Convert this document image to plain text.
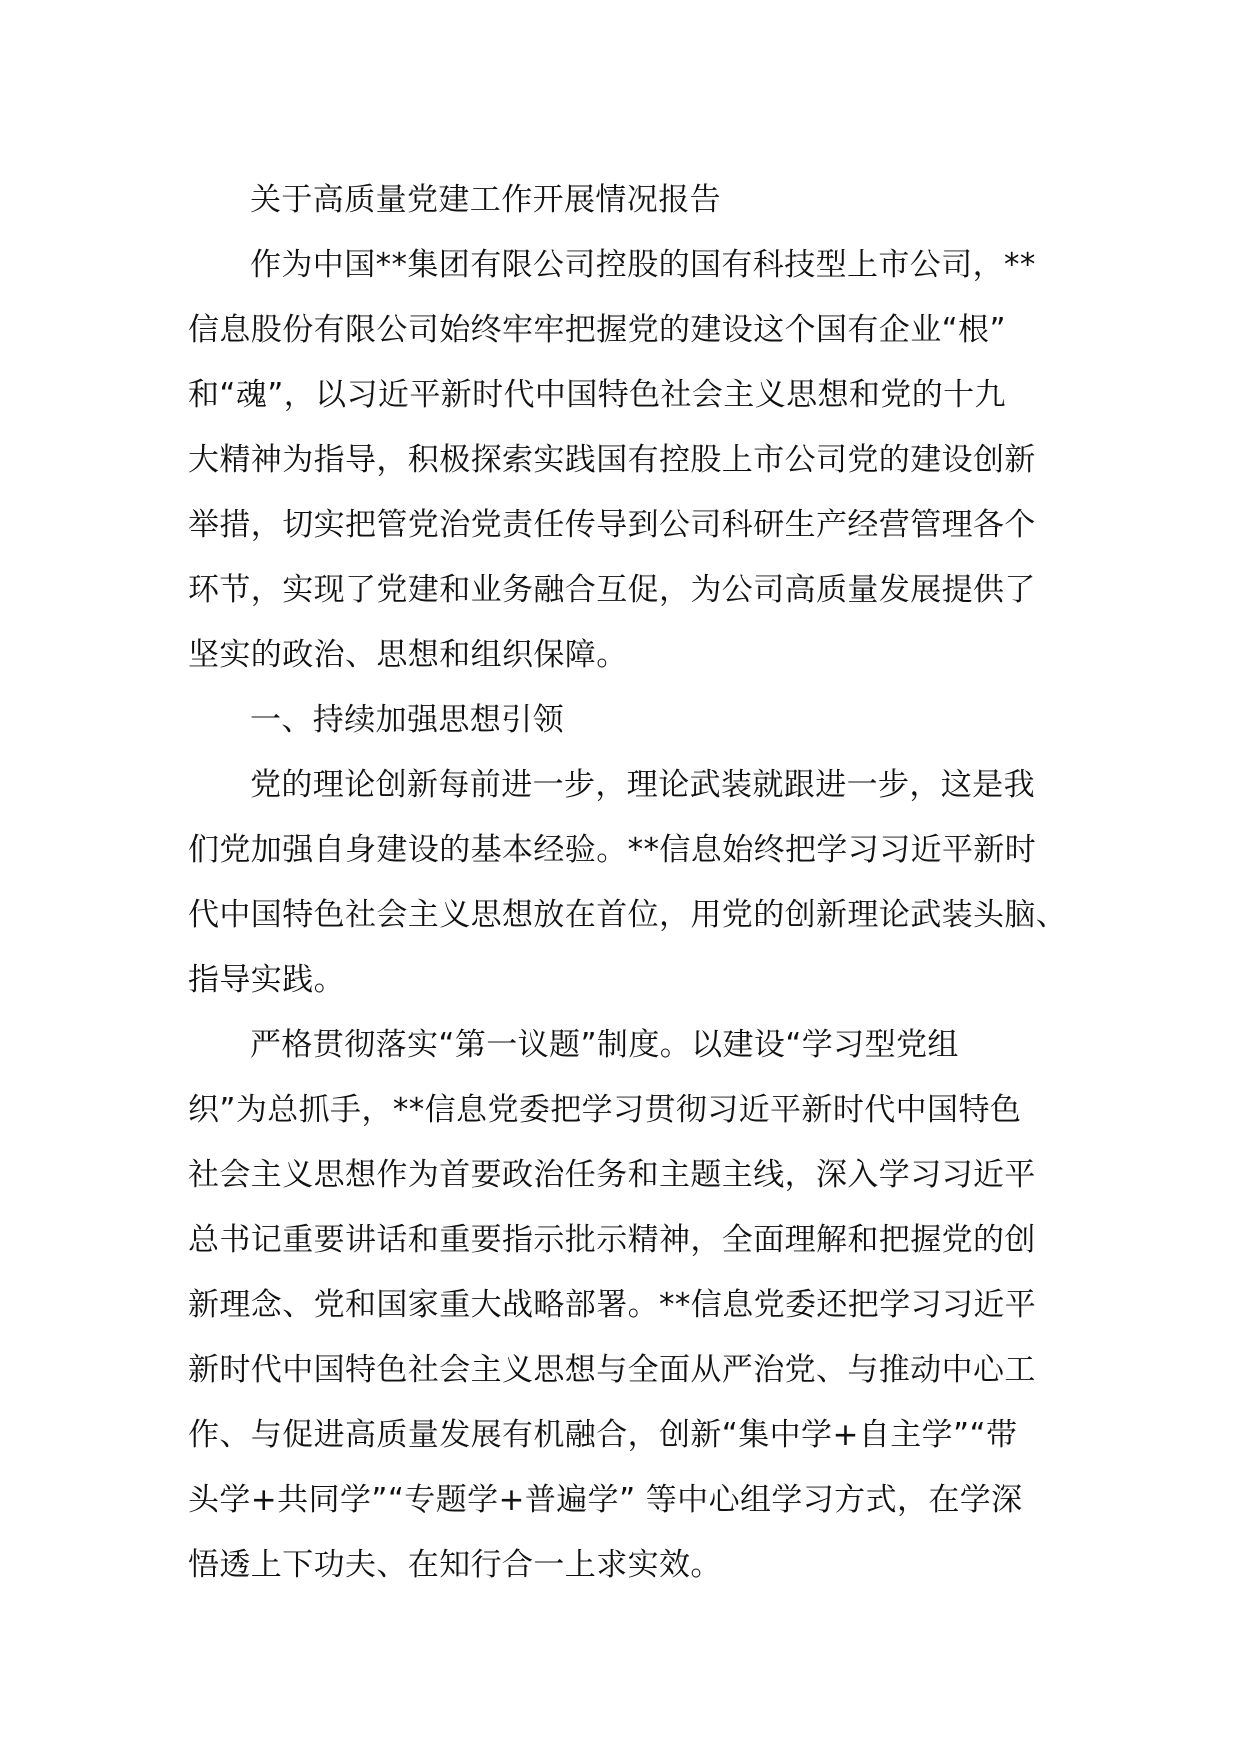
关于高质量党建工作开展情况报告
作为中国**集团有限公司控股的国有科技型上市公司，**
信息股份有限公司始终牢牢把握党的建设这个国有企业“根”
和“魂”，以习近平新时代中国特色社会主义思想和党的十九
大精神为指导，积极探索实践国有控股上市公司党的建设创新
举措，切实把管党治党责任传导到公司科研生产经营管理各个
环节，实现了党建和业务融合互促，为公司高质量发展提供了
坚实的政治、思想和组织保障。
一、持续加强思想引领
党的理论创新每前进一步，理论武装就跟进一步，这是我
们党加强自身建设的基本经验。**信息始终把学习习近平新时
代中国特色社会主义思想放在首位，用党的创新理论武装头脑、
指导实践。
严格贯彻落实“第一议题”制度。以建设“学习型党组
织”为总抓手，**信息党委把学习贯彻习近平新时代中国特色
社会主义思想作为首要政治任务和主题主线，深入学习习近平
总书记重要讲话和重要指示批示精神，全面理解和把握党的创
新理念、党和国家重大战略部署。**信息党委还把学习习近平
新时代中国特色社会主义思想与全面从严治党、与推动中心工
作、与促进高质量发展有机融合，创新“集中学+自主学”“带
头学+共同学”“专题学+普遍学” 等中心组学习方式，在学深
悟透上下功夫、在知行合一上求实效。
